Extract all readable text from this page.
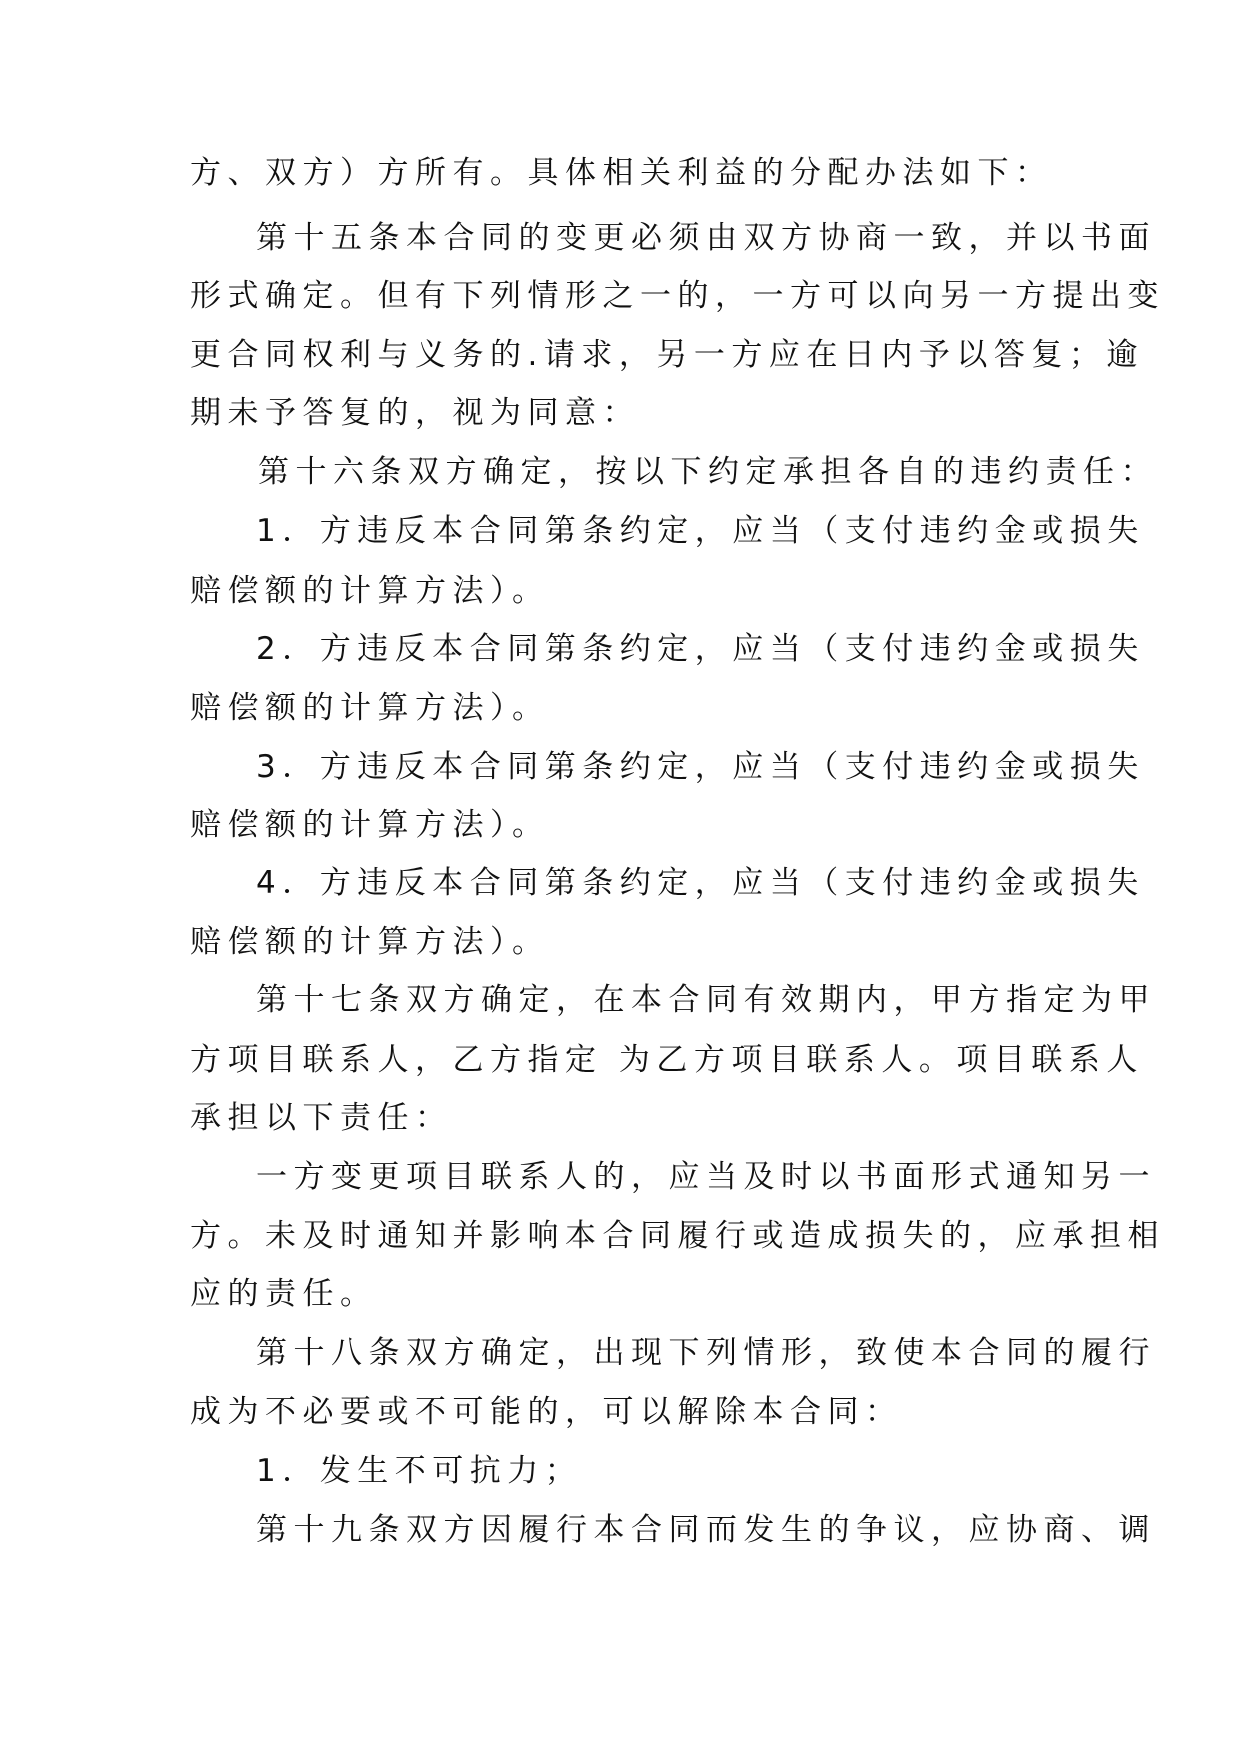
方、双方）方所有。具体相关利益的分配办法如下：
第十五条本合同的变更必须由双方协商一致，并以书面
形式确定。但有下列情形之一的，一方可以向另一方提出变
更合同权利与义务的.请求，另一方应在日内予以答复；逾
期未予答复的，视为同意：
第十六条双方确定，按以下约定承担各自的违约责任：
1．方违反本合同第条约定，应当（支付违约金或损失
赔偿额的计算方法）。
2．方违反本合同第条约定，应当（支付违约金或损失
赔偿额的计算方法）。
3．方违反本合同第条约定，应当（支付违约金或损失
赔偿额的计算方法）。
4．方违反本合同第条约定，应当（支付违约金或损失
赔偿额的计算方法）。
第十七条双方确定，在本合同有效期内，甲方指定为甲
方项目联系人，乙方指定 为乙方项目联系人。项目联系人
承担以下责任：
一方变更项目联系人的，应当及时以书面形式通知另一
方。未及时通知并影响本合同履行或造成损失的，应承担相
应的责任。
第十八条双方确定，出现下列情形，致使本合同的履行
成为不必要或不可能的，可以解除本合同：
1．发生不可抗力；
第十九条双方因履行本合同而发生的争议，应协商、调
